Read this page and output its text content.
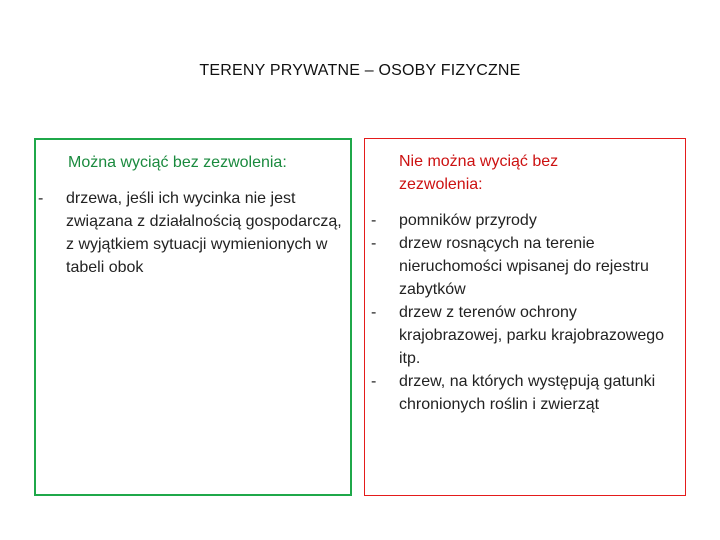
TERENY PRYWATNE – OSOBY FIZYCZNE
Można wyciąć bez zezwolenia:
- drzewa, jeśli ich wycinka nie jest związana z działalnością gospodarczą, z wyjątkiem sytuacji wymienionych w tabeli obok
Nie można wyciąć bez zezwolenia:
- pomników przyrody
- drzew rosnących na terenie nieruchomości wpisanej do rejestru zabytków
- drzew z terenów ochrony krajobrazowej, parku krajobrazowego itp.
- drzew, na których występują gatunki chronionych roślin i zwierząt
